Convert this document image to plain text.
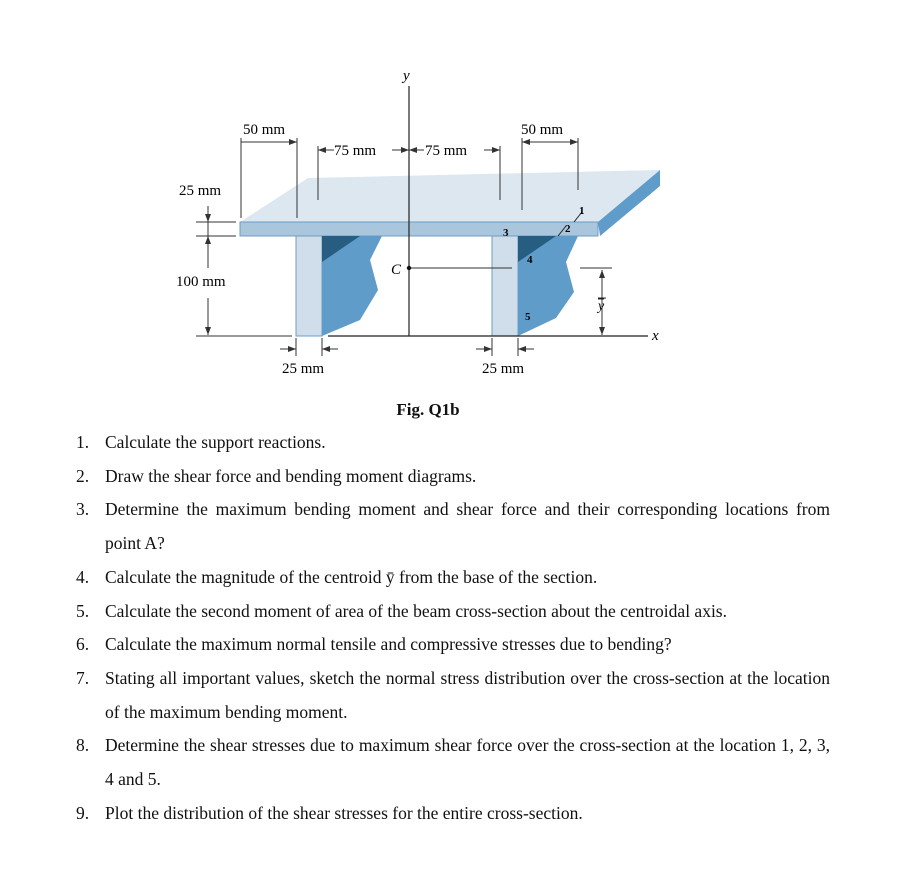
y
x
C
y
50 mm
75 mm	75 mm
50 mm
25 mm
100 mm
25 mm	25 mm
1
2
3
4
5
Fig. Q1b
1. Calculate the support reactions.
2. Draw the shear force and bending moment diagrams.
3. Determine the maximum bending moment and shear force and their corresponding locations from point A?
4. Calculate the magnitude of the centroid ȳ from the base of the section.
5. Calculate the second moment of area of the beam cross-section about the centroidal axis.
6. Calculate the maximum normal tensile and compressive stresses due to bending?
7. Stating all important values, sketch the normal stress distribution over the cross-section at the location of the maximum bending moment.
8. Determine the shear stresses due to maximum shear force over the cross-section at the location 1, 2, 3, 4 and 5.
9. Plot the distribution of the shear stresses for the entire cross-section.
